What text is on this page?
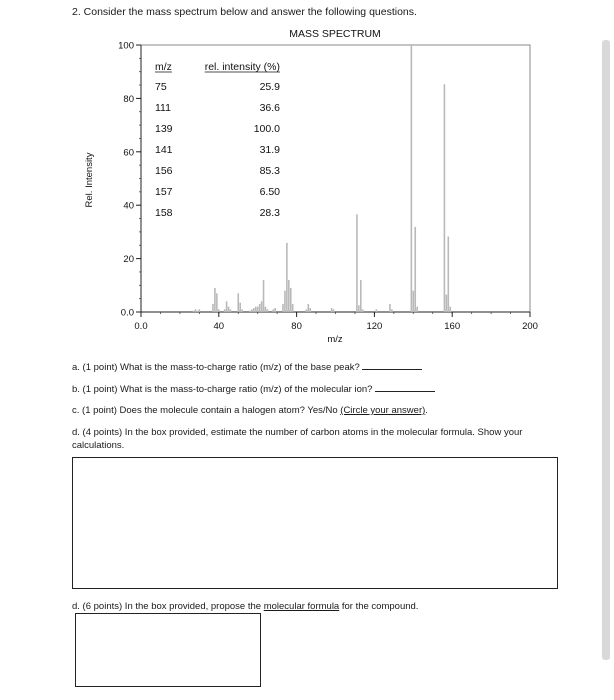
2. Consider the mass spectrum below and answer the following questions.
MASS SPECTRUM
0.0
20
40
60
80
100
0.0	40	80	120	160	200
m/z
Rel. Intensity
m/z	rel. intensity (%)
75	25.9
111	36.6
139	100.0
141	31.9
156	85.3
157	6.50
158	28.3
a. (1 point) What is the mass-to-charge ratio (m/z) of the base peak?
b. (1 point) What is the mass-to-charge ratio (m/z) of the molecular ion?
c. (1 point) Does the molecule contain a halogen atom? Yes/No (Circle your answer).
d. (4 points) In the box provided, estimate the number of carbon atoms in the molecular formula. Show your calculations.
d. (6 points) In the box provided, propose the molecular formula for the compound.
